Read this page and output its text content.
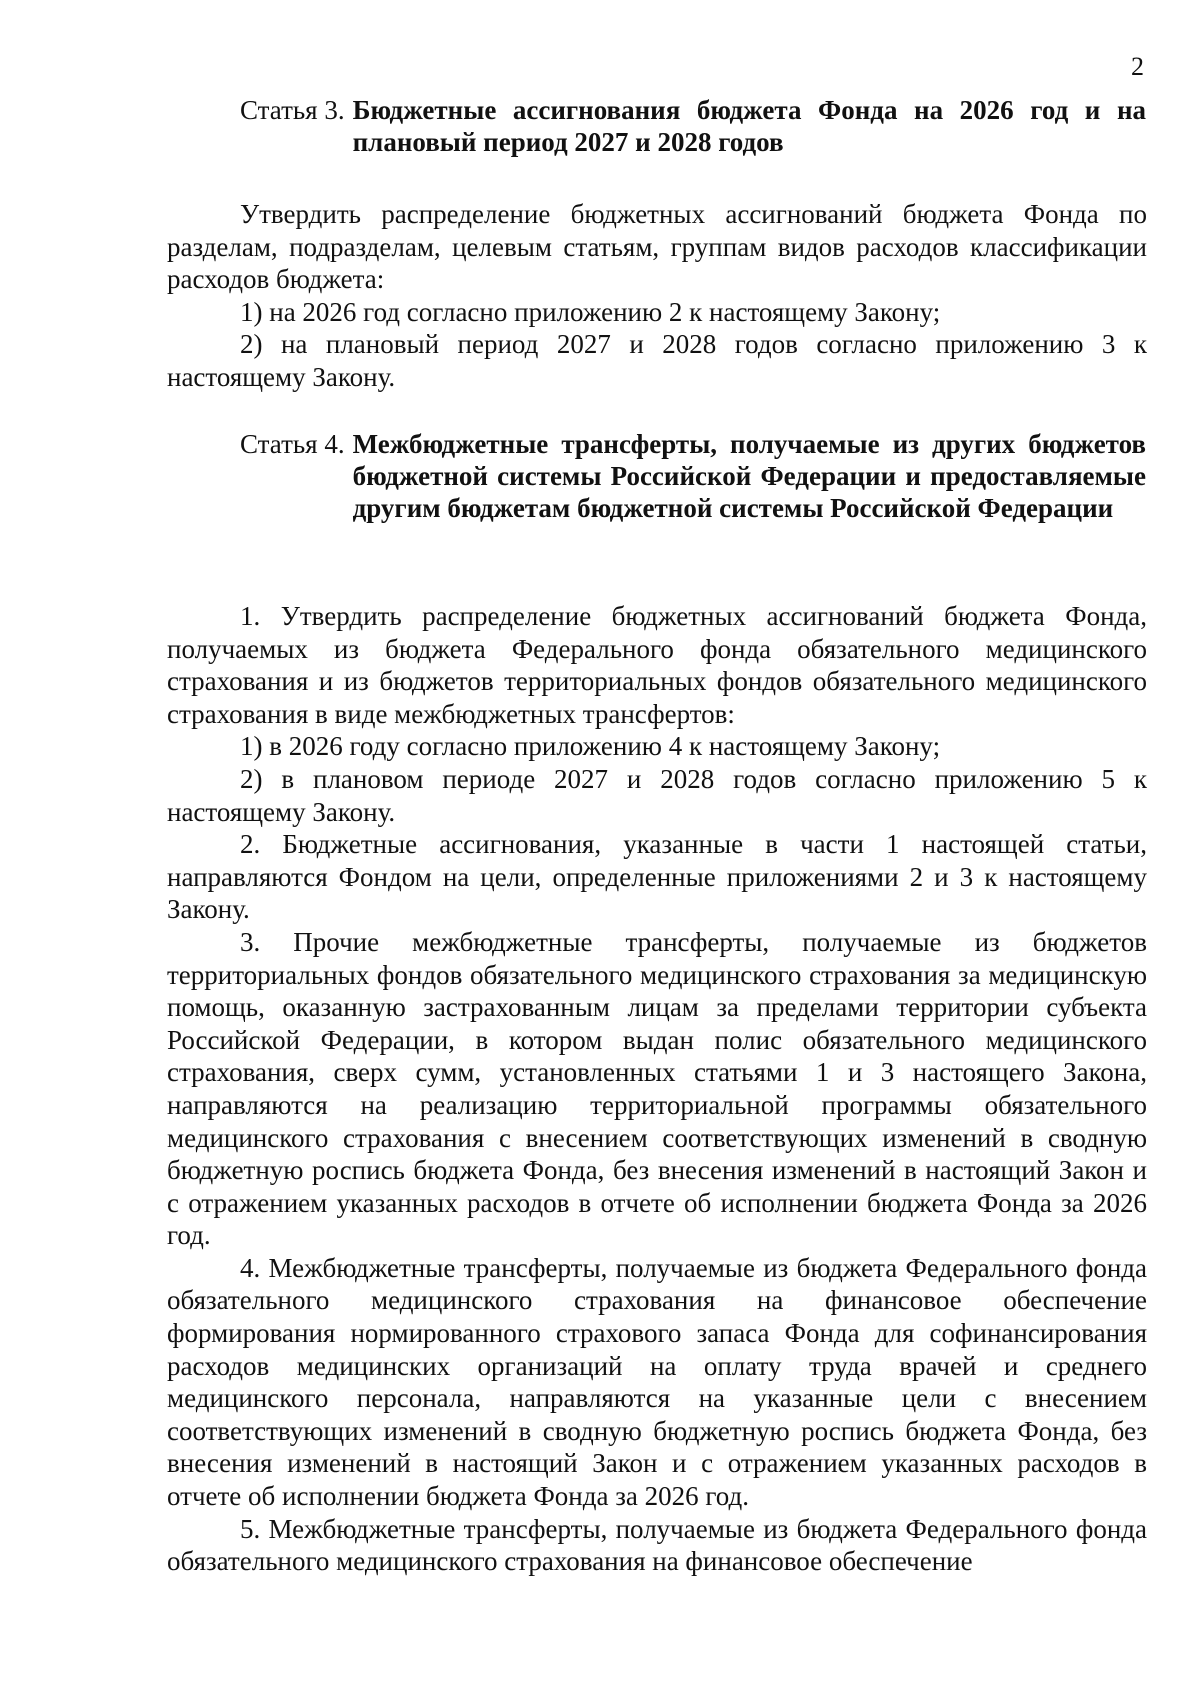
2
Статья 3. Бюджетные ассигнования бюджета Фонда на 2026 год и на плановый период 2027 и 2028 годов

Утвердить распределение бюджетных ассигнований бюджета Фонда по разделам, подразделам, целевым статьям, группам видов расходов классификации расходов бюджета:

1) на 2026 год согласно приложению 2 к настоящему Закону;

2) на плановый период 2027 и 2028 годов согласно приложению 3 к настоящему Закону.

Статья 4. Межбюджетные трансферты, получаемые из других бюджетов бюджетной системы Российской Федерации и предоставляемые другим бюджетам бюджетной системы Российской Федерации

1. Утвердить распределение бюджетных ассигнований бюджета Фонда, получаемых из бюджета Федерального фонда обязательного медицинского страхования и из бюджетов территориальных фондов обязательного медицинского страхования в виде межбюджетных трансфертов:

1) в 2026 году согласно приложению 4 к настоящему Закону;

2) в плановом периоде 2027 и 2028 годов согласно приложению 5 к настоящему Закону.

2. Бюджетные ассигнования, указанные в части 1 настоящей статьи, направляются Фондом на цели, определенные приложениями 2 и 3 к настоящему Закону.

3. Прочие межбюджетные трансферты, получаемые из бюджетов территориальных фондов обязательного медицинского страхования за медицинскую помощь, оказанную застрахованным лицам за пределами территории субъекта Российской Федерации, в котором выдан полис обязательного медицинского страхования, сверх сумм, установленных статьями 1 и 3 настоящего Закона, направляются на реализацию территориальной программы обязательного медицинского страхования с внесением соответствующих изменений в сводную бюджетную роспись бюджета Фонда, без внесения изменений в настоящий Закон и с отражением указанных расходов в отчете об исполнении бюджета Фонда за 2026 год.

4. Межбюджетные трансферты, получаемые из бюджета Федерального фонда обязательного медицинского страхования на финансовое обеспечение формирования нормированного страхового запаса Фонда для софинансирования расходов медицинских организаций на оплату труда врачей и среднего медицинского персонала, направляются на указанные цели с внесением соответствующих изменений в сводную бюджетную роспись бюджета Фонда, без внесения изменений в настоящий Закон и с отражением указанных расходов в отчете об исполнении бюджета Фонда за 2026 год.

5. Межбюджетные трансферты, получаемые из бюджета Федерального фонда обязательного медицинского страхования на финансовое обеспечение
